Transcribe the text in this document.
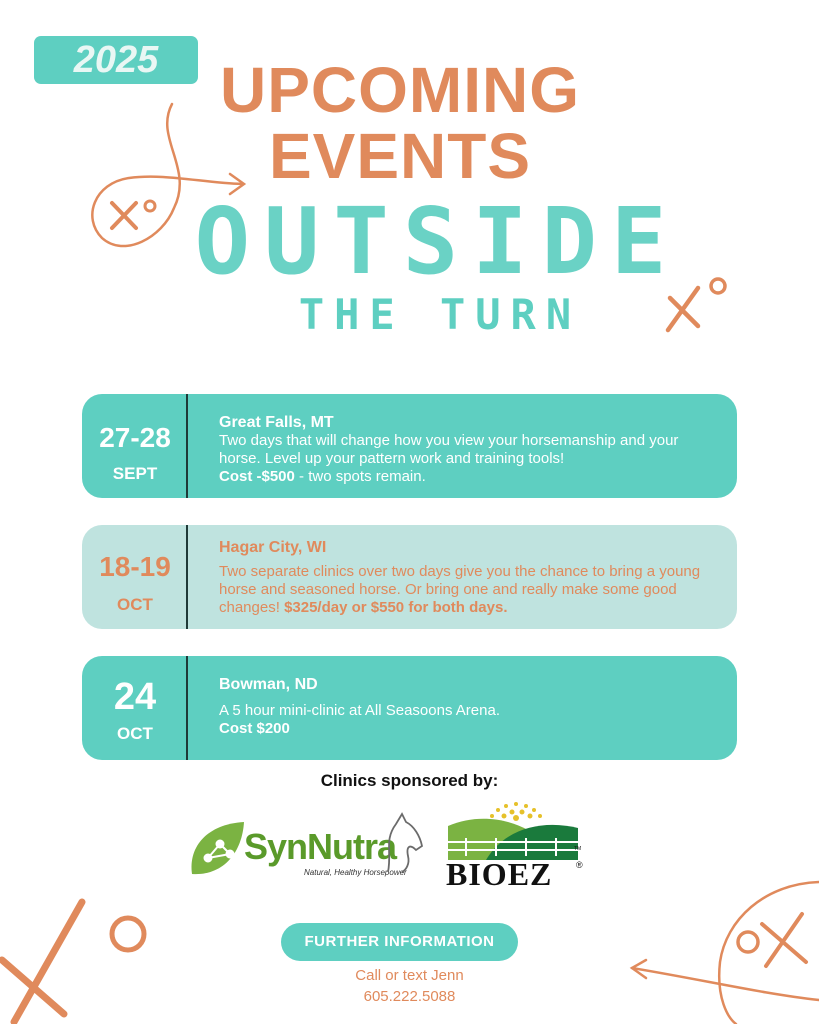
2025 UPCOMING
EVENTS
OUTSIDE
THE TURN
27-28
SEPT
Great Falls, MT
Two days that will change how you view your horsemanship and your horse. Level up your pattern work and training tools!
Cost -$500 - two spots remain.
18-19
OCT
Hagar City, WI
Two separate clinics over two days give you the chance to bring a young horse and seasoned horse. Or bring one and really make some good changes! $325/day or $550 for both days.
24
OCT
Bowman, ND
A 5 hour mini-clinic at All Seasoons Arena.
Cost $200
Clinics sponsored by:
SynNutra
Natural, Healthy Horsepower BIOEZ	®
TM
FURTHER INFORMATION
Call or text Jenn
605.222.5088
